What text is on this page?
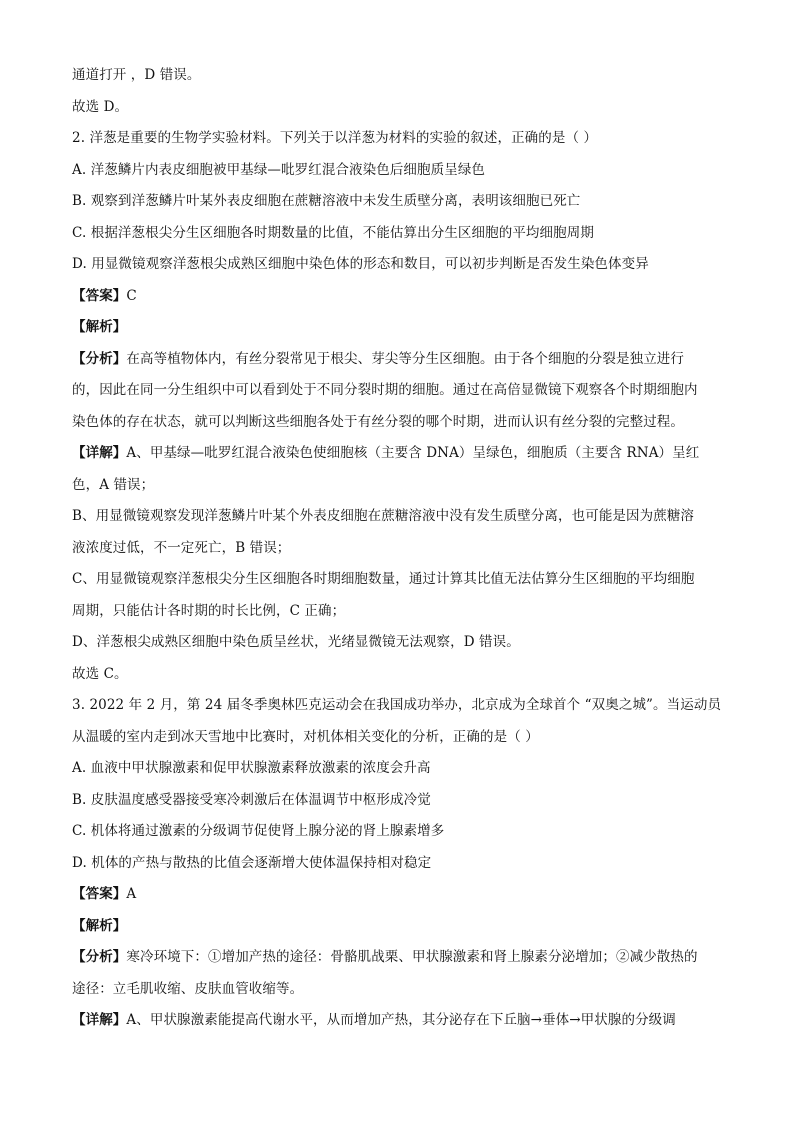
通道打开 ，D 错误。
故选 D。
2. 洋葱是重要的生物学实验材料。下列关于以洋葱为材料的实验的叙述，正确的是（ ）
A. 洋葱鳞片内表皮细胞被甲基绿—吡罗红混合液染色后细胞质呈绿色
B. 观察到洋葱鳞片叶某外表皮细胞在蔗糖溶液中未发生质壁分离，表明该细胞已死亡
C. 根据洋葱根尖分生区细胞各时期数量的比值，不能估算出分生区细胞的平均细胞周期
D. 用显微镜观察洋葱根尖成熟区细胞中染色体的形态和数目，可以初步判断是否发生染色体变异
【答案】C
【解析】
【分析】在高等植物体内，有丝分裂常见于根尖、芽尖等分生区细胞。由于各个细胞的分裂是独立进行
的，因此在同一分生组织中可以看到处于不同分裂时期的细胞。通过在高倍显微镜下观察各个时期细胞内
染色体的存在状态，就可以判断这些细胞各处于有丝分裂的哪个时期，进而认识有丝分裂的完整过程。
【详解】A、甲基绿—吡罗红混合液染色使细胞核（主要含 DNA）呈绿色，细胞质（主要含 RNA）呈红
色，A 错误；
B、用显微镜观察发现洋葱鳞片叶某个外表皮细胞在蔗糖溶液中没有发生质壁分离，也可能是因为蔗糖溶
液浓度过低，不一定死亡，B 错误；
C、用显微镜观察洋葱根尖分生区细胞各时期细胞数量，通过计算其比值无法估算分生区细胞的平均细胞
周期，只能估计各时期的时长比例，C 正确；
D、洋葱根尖成熟区细胞中染色质呈丝状，光绪显微镜无法观察，D 错误。
故选 C。
3. 2022 年 2 月，第 24 届冬季奥林匹克运动会在我国成功举办，北京成为全球首个 “双奥之城”。当运动员
从温暖的室内走到冰天雪地中比赛时，对机体相关变化的分析，正确的是（ ）
A. 血液中甲状腺激素和促甲状腺激素释放激素的浓度会升高
B. 皮肤温度感受器接受寒冷刺激后在体温调节中枢形成冷觉
C. 机体将通过激素的分级调节促使肾上腺分泌的肾上腺素增多
D. 机体的产热与散热的比值会逐渐增大使体温保持相对稳定
【答案】A
【解析】
【分析】寒冷环境下：①增加产热的途径：骨骼肌战栗、甲状腺激素和肾上腺素分泌增加；②减少散热的
途径：立毛肌收缩、皮肤血管收缩等。
【详解】A、甲状腺激素能提高代谢水平，从而增加产热，其分泌存在下丘脑→垂体→甲状腺的分级调
